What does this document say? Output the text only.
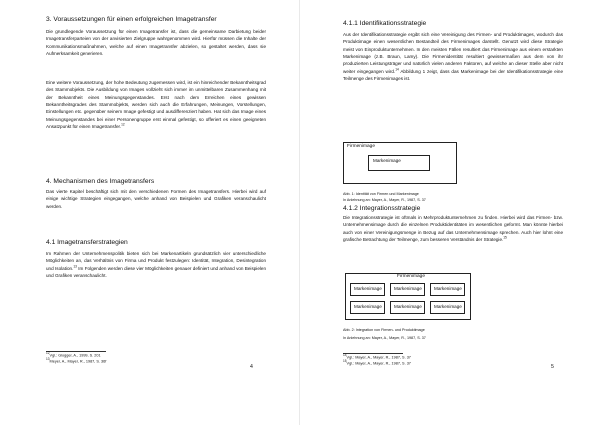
3. Voraussetzungen für einen erfolgreichen Imagetransfer

Die grundlegende Voraussetzung für einen Imagetransfer ist, dass die gemeinsame Darbietung beider Imagetransferparteien von der anvisierten Zielgruppe wahrgenommen wird. Hierfür müssen die Inhalte der Kommunikationsmaßnahmen, welche auf einen Imagetransfer abzielen, so gestaltet werden, dass sie Aufmerksamkeit generieren.

Eine weitere Voraussetzung, der hohe Bedeutung zugemessen wird, ist ein hinreichender Bekanntheitsgrad des Stammobjekts. Die Ausbildung von Images vollzieht sich immer im unmittelbaren Zusammenhang mit der Bekanntheit eines Meinungsgegenstandes. Erst nach dem Erreichen eines gewissen Bekanntheitsgrades des Stammobjekts, werden sich auch die Erfahrungen, Meinungen, Vorstellungen, Einstellungen etc. gegenüber seinem Image gefestigt und ausdifferenziert haben. Hat sich das Image eines Meinungsgegenstandes bei einer Personengruppe erst einmal gefestigt, so offeriert es einen geeigneten Ansatzpunkt für einen Imagetransfer.$^{12}$

4. Mechanismen des Imagetransfers

Das vierte Kapitel beschäftigt sich mit den verschiedenen Formen des Imagetransfers. Hierbei wird auf einige wichtige Strategien eingegangen, welche anhand von Beispielen und Grafiken veranschaulicht werden.

4.1 Imagetransferstrategien

Im Rahmen der Unternehmenspolitik bieten sich bei Markenartikeln grundsätzlich vier unterschiedliche Möglichkeiten an, das Verhältnis von Firma und Produkt festzulegen: Identität, Integration, Desintegration und Isolation.$^{13}$ Im Folgenden werden diese vier Möglichkeiten genauer definiert und anhand von Beispielen und Grafiken veranschaulicht.

$^{12}$Vgl.: Glogger, A., 1999, S. 201
$^{13}$Meyer, A., Mayer, R., 1987, S. 36f
4
4.1.1 Identifikationsstrategie

Aus der Identifikationsstrategie ergibt sich eine Vereinigung des Firmen- und Produktimages, wodurch das Produktimage einen wesentlichen Bestandteil des Firmenimages darstellt. Genutzt wird diese Strategie meist von Einproduktunternehmen. In den meisten Fällen resultiert das Firmenimage aus einem erstarkten Markenimage (z.B. Braun, Lamy). Die Firmenidentität resultiert gewissermaßen aus dem von ihr produzierten Leistungsträger und natürlich vielen anderen Faktoren, auf welche an dieser Stelle aber nicht weiter eingegangen wird.$^{14}$ Abbildung 1 zeigt, dass das Markenimage bei der Identifikationsstrategie eine Teilmenge des Firmenimages ist.

4.1.2 Integrationsstrategie

Die Integrationsstrategie ist oftmals in Mehrproduktunternehmen zu finden. Hierbei wird das Firmen- bzw. Unternehmensimage durch die einzelnen Produktidentitäten im wesentlichen geformt. Man könnte hierbei auch von einer Vereinigungsmenge in Bezug auf das Unternehmensimage sprechen. Auch hier lohnt eine grafische Betrachtung der Teilmenge, zum besseren Verständnis der Strategie.$^{15}$

Firmenimage
Markenimage
Abb. 1: Identität von Firmen und Markenimage
In Anlehnung an: Mayer, A., Mayer, R., 1987, S. 37
Firmenimage
Markenimage	Markenimage	Markenimage
Markenimage	Markenimage	Markenimage
Abb. 2: Integration von Firmen- und Produktimage
In Anlehnung an: Mayer, A., Mayer, R., 1987, S. 37
$^{14}$Vgl.: Mayer, A., Mayer, R., 1987, S. 37
$^{15}$Vgl.: Mayer, A., Mayer, R., 1987, S. 37
5
